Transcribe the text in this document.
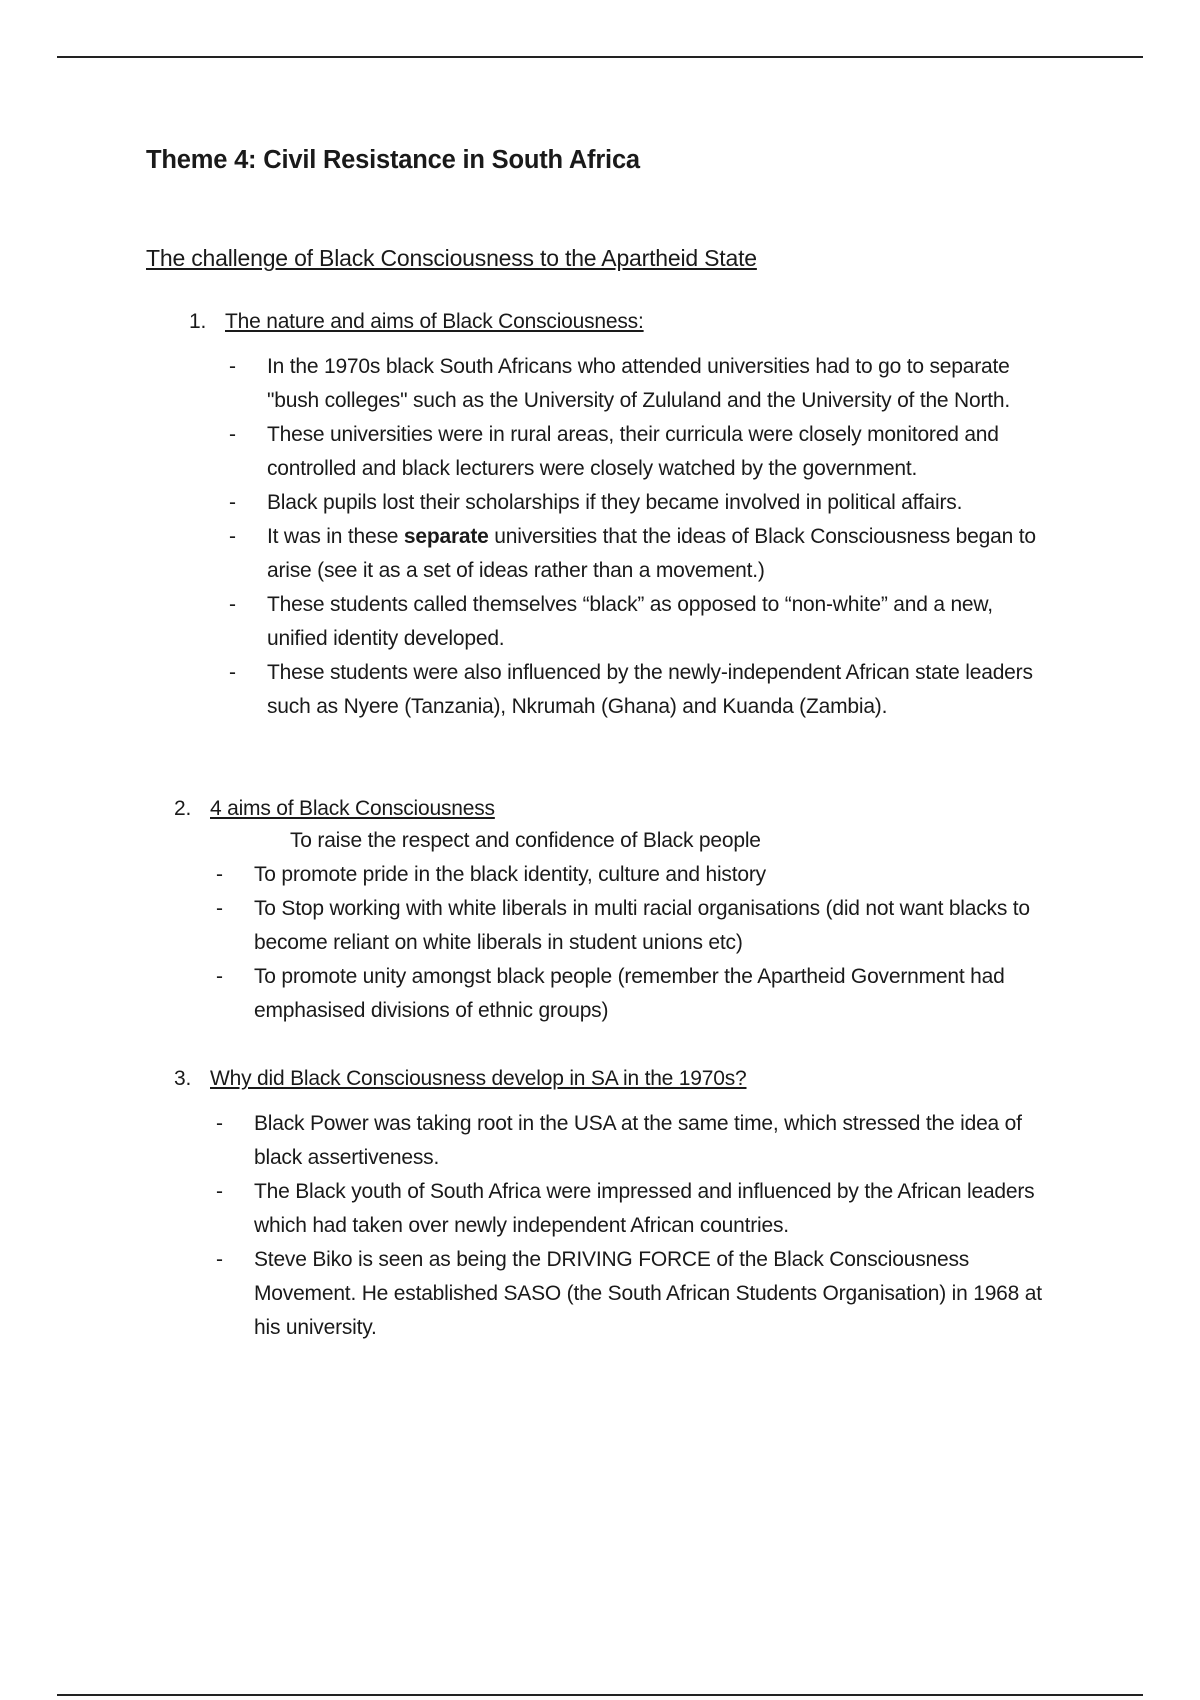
Theme 4: Civil Resistance in South Africa
The challenge of Black Consciousness to the Apartheid State
1. The nature and aims of Black Consciousness:
- In the 1970s black South Africans who attended universities had to go to separate "bush colleges" such as the University of Zululand and the University of the North.
- These universities were in rural areas, their curricula were closely monitored and controlled and black lecturers were closely watched by the government.
- Black pupils lost their scholarships if they became involved in political affairs.
- It was in these separate universities that the ideas of Black Consciousness began to arise (see it as a set of ideas rather than a movement.)
- These students called themselves “black” as opposed to “non-white” and a new, unified identity developed.
- These students were also influenced by the newly-independent African state leaders such as Nyere (Tanzania), Nkrumah (Ghana) and Kuanda (Zambia).
2. 4 aims of Black Consciousness
To raise the respect and confidence of Black people
- To promote pride in the black identity, culture and history
- To Stop working with white liberals in multi racial organisations (did not want blacks to become reliant on white liberals in student unions etc)
- To promote unity amongst black people (remember the Apartheid Government had emphasised divisions of ethnic groups)
3. Why did Black Consciousness develop in SA in the 1970s?
- Black Power was taking root in the USA at the same time, which stressed the idea of black assertiveness.
- The Black youth of South Africa were impressed and influenced by the African leaders which had taken over newly independent African countries.
- Steve Biko is seen as being the DRIVING FORCE of the Black Consciousness Movement. He established SASO (the South African Students Organisation) in 1968 at his university.
